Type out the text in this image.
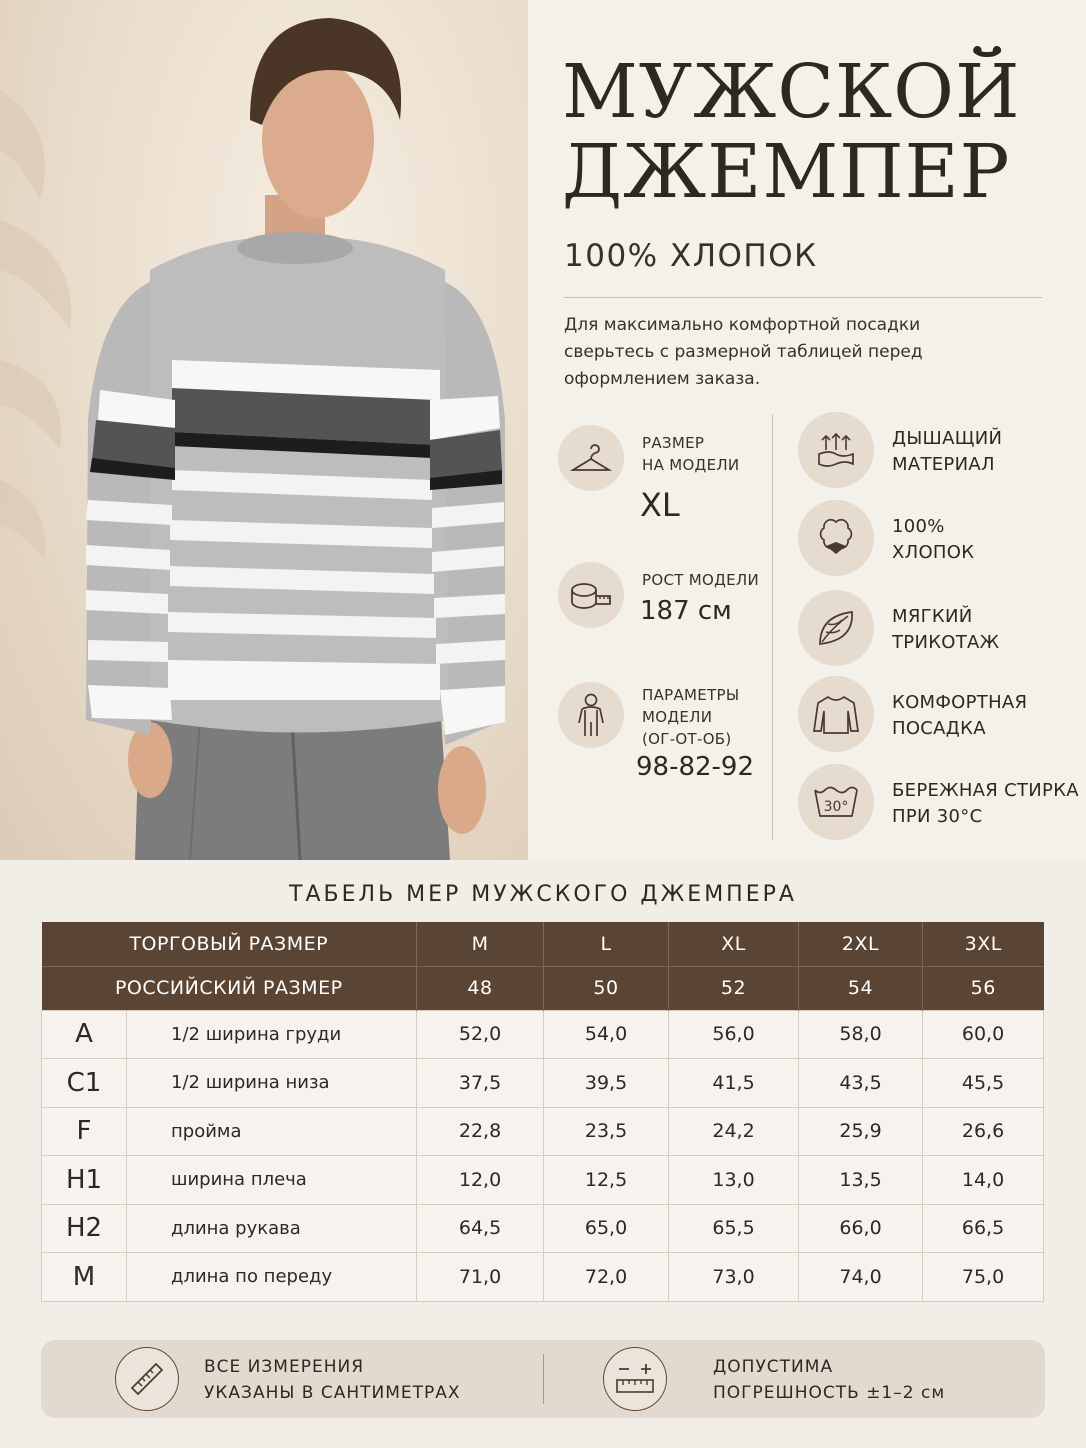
МУЖСКОЙ
ДЖЕМПЕР
100% ХЛОПОК
Для максимально комфортной посадки сверьтесь с размерной таблицей перед оформлением заказа.
РАЗМЕР
НА МОДЕЛИ
XL
РОСТ МОДЕЛИ
187 см
ПАРАМЕТРЫ
МОДЕЛИ
(ОГ-ОТ-ОБ)
98-82-92
ДЫШАЩИЙ
МАТЕРИАЛ
100%
ХЛОПОК
МЯГКИЙ
ТРИКОТАЖ
КОМФОРТНАЯ
ПОСАДКА
30°
БЕРЕЖНАЯ СТИРКА
ПРИ 30°C
ТАБЕЛЬ МЕР МУЖСКОГО ДЖЕМПЕРА
ТОРГОВЫЙ РАЗМЕР		M	L	XL	2XL	3XL
РОССИЙСКИЙ РАЗМЕР		48	50	52	54	56
A	1/2 ширина груди	52,0	54,0	56,0	58,0	60,0
C1	1/2 ширина низа	37,5	39,5	41,5	43,5	45,5
F	пройма	22,8	23,5	24,2	25,9	26,6
H1	ширина плеча	12,0	12,5	13,0	13,5	14,0
H2	длина рукава	64,5	65,0	65,5	66,0	66,5
M	длина по переду	71,0	72,0	73,0	74,0	75,0
ВСЕ ИЗМЕРЕНИЯ
УКАЗАНЫ В САНТИМЕТРАХ
ДОПУСТИМА
ПОГРЕШНОСТЬ ±1–2 см
